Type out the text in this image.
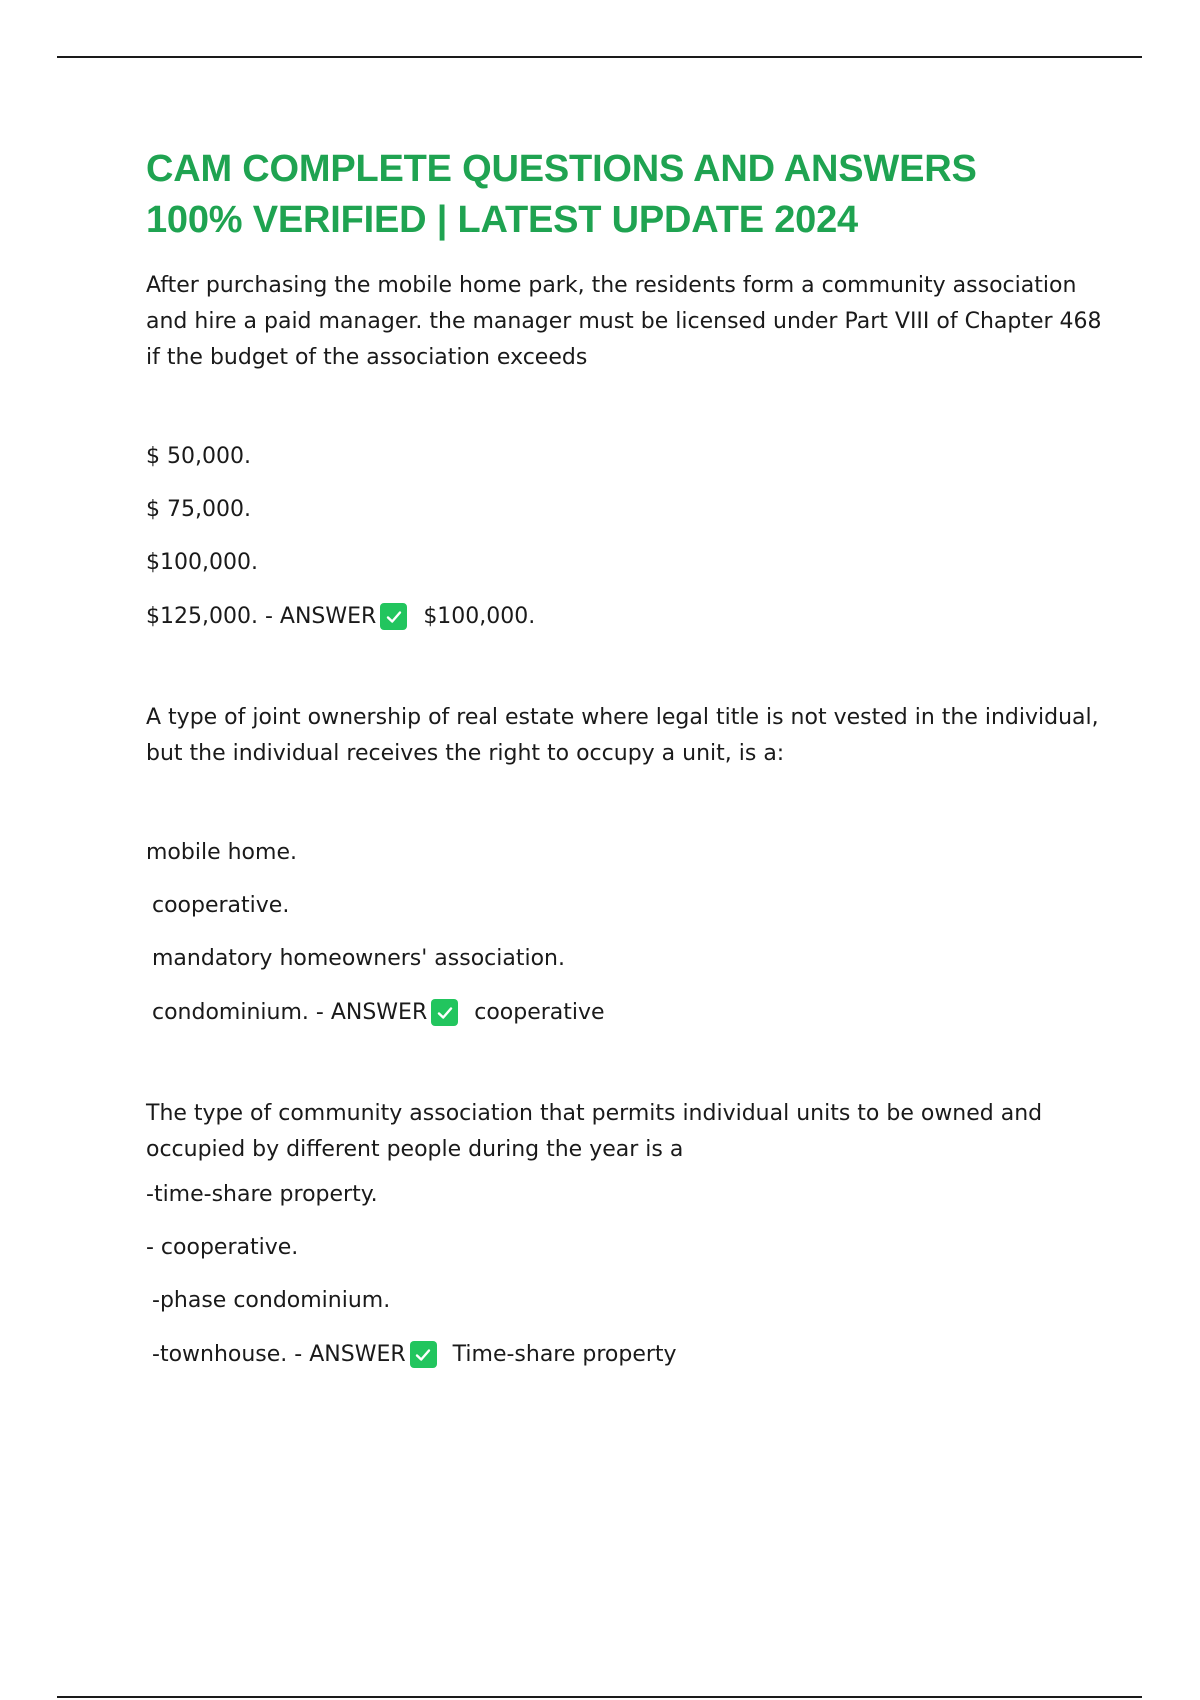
CAM COMPLETE QUESTIONS AND ANSWERS
100% VERIFIED | LATEST UPDATE 2024

After purchasing the mobile home park, the residents form a community association and hire a paid manager. the manager must be licensed under Part VIII of Chapter 468 if the budget of the association exceeds

$ 50,000.
$ 75,000.
$100,000.
$125,000. - ANSWER $100,000.

A type of joint ownership of real estate where legal title is not vested in the individual, but the individual receives the right to occupy a unit, is a:

mobile home.
cooperative.
mandatory homeowners' association.
condominium. - ANSWER cooperative

The type of community association that permits individual units to be owned and occupied by different people during the year is a

-time-share property.
- cooperative.
-phase condominium.
-townhouse. - ANSWER Time-share property
